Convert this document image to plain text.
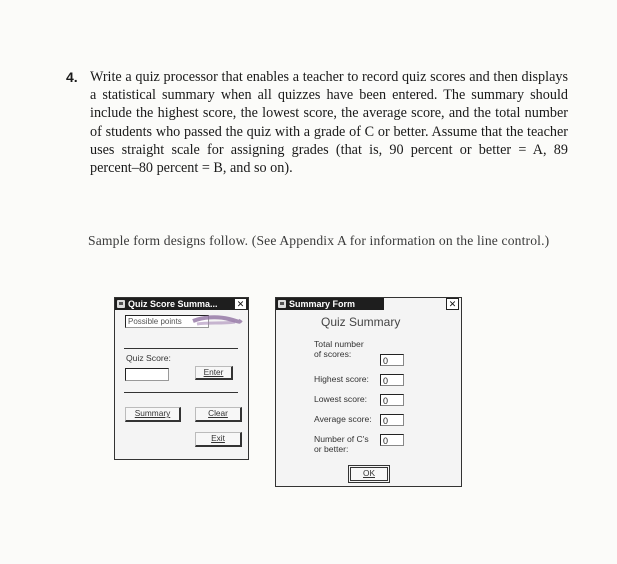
4. Write a quiz processor that enables a teacher to record quiz scores and then displays a statistical summary when all quizzes have been entered. The summary should include the highest score, the lowest score, the average score, and the total number of students who passed the quiz with a grade of C or better. Assume that the teacher uses straight scale for assigning grades (that is, 90 percent or better = A, 89 percent–80 percent = B, and so on).
Sample form designs follow. (See Appendix A for information on the line control.)
Quiz Score Summa...	✕
Possible points
Quiz Score:
Enter
Summary	Clear
Exit
Summary Form	✕
Quiz Summary
Total number
of scores:
0
Highest score:	0
Lowest score:	0
Average score:	0
Number of C's
or better:
0
OK
